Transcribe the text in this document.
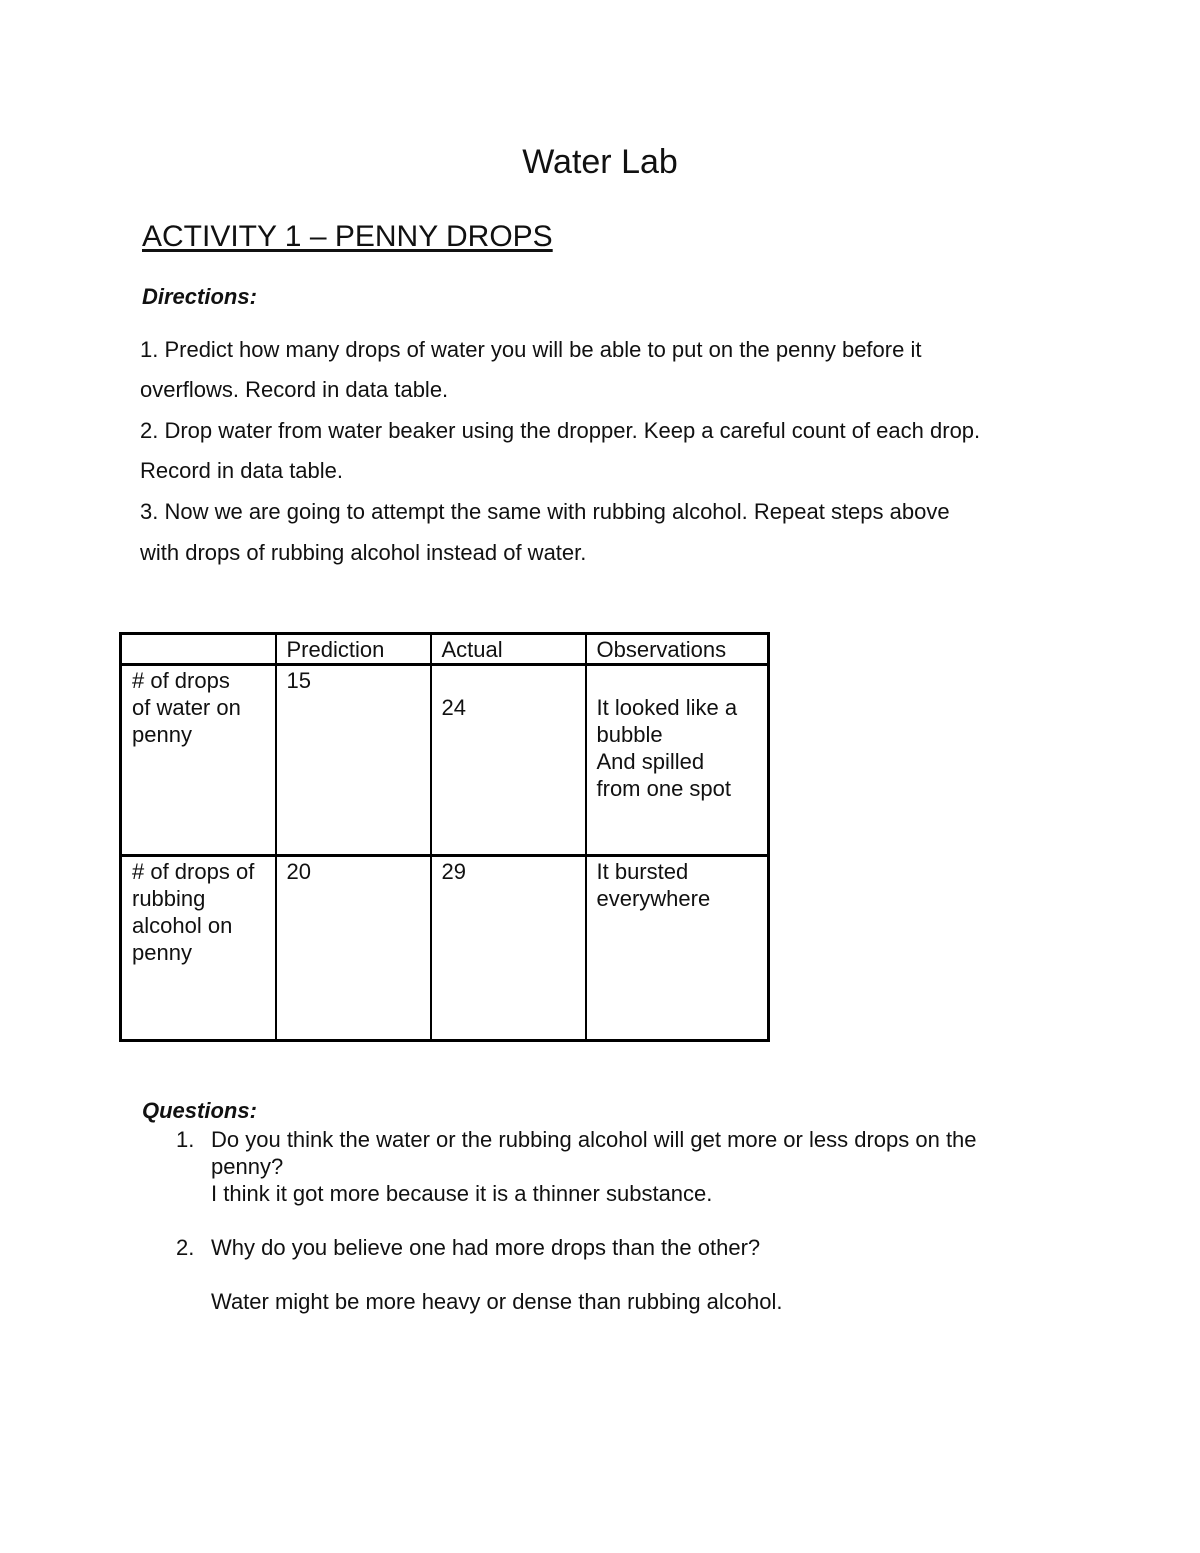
Water Lab
ACTIVITY 1 – PENNY DROPS
Directions:
1. Predict how many drops of water you will be able to put on the penny before it
overflows. Record in data table.
2. Drop water from water beaker using the dropper. Keep a careful count of each drop.
Record in data table.
3. Now we are going to attempt the same with rubbing alcohol. Repeat steps above
with drops of rubbing alcohol instead of water.
	Prediction	Actual	Observations

# of drops
of water on
penny	15	24	It looked like a
bubble
And spilled
from one spot

# of drops of
rubbing
alcohol on
penny	20	29	It bursted
everywhere
Questions:
1. Do you think the water or the rubbing alcohol will get more or less drops on the
penny?
I think it got more because it is a thinner substance.
2. Why do you believe one had more drops than the other?
Water might be more heavy or dense than rubbing alcohol.
